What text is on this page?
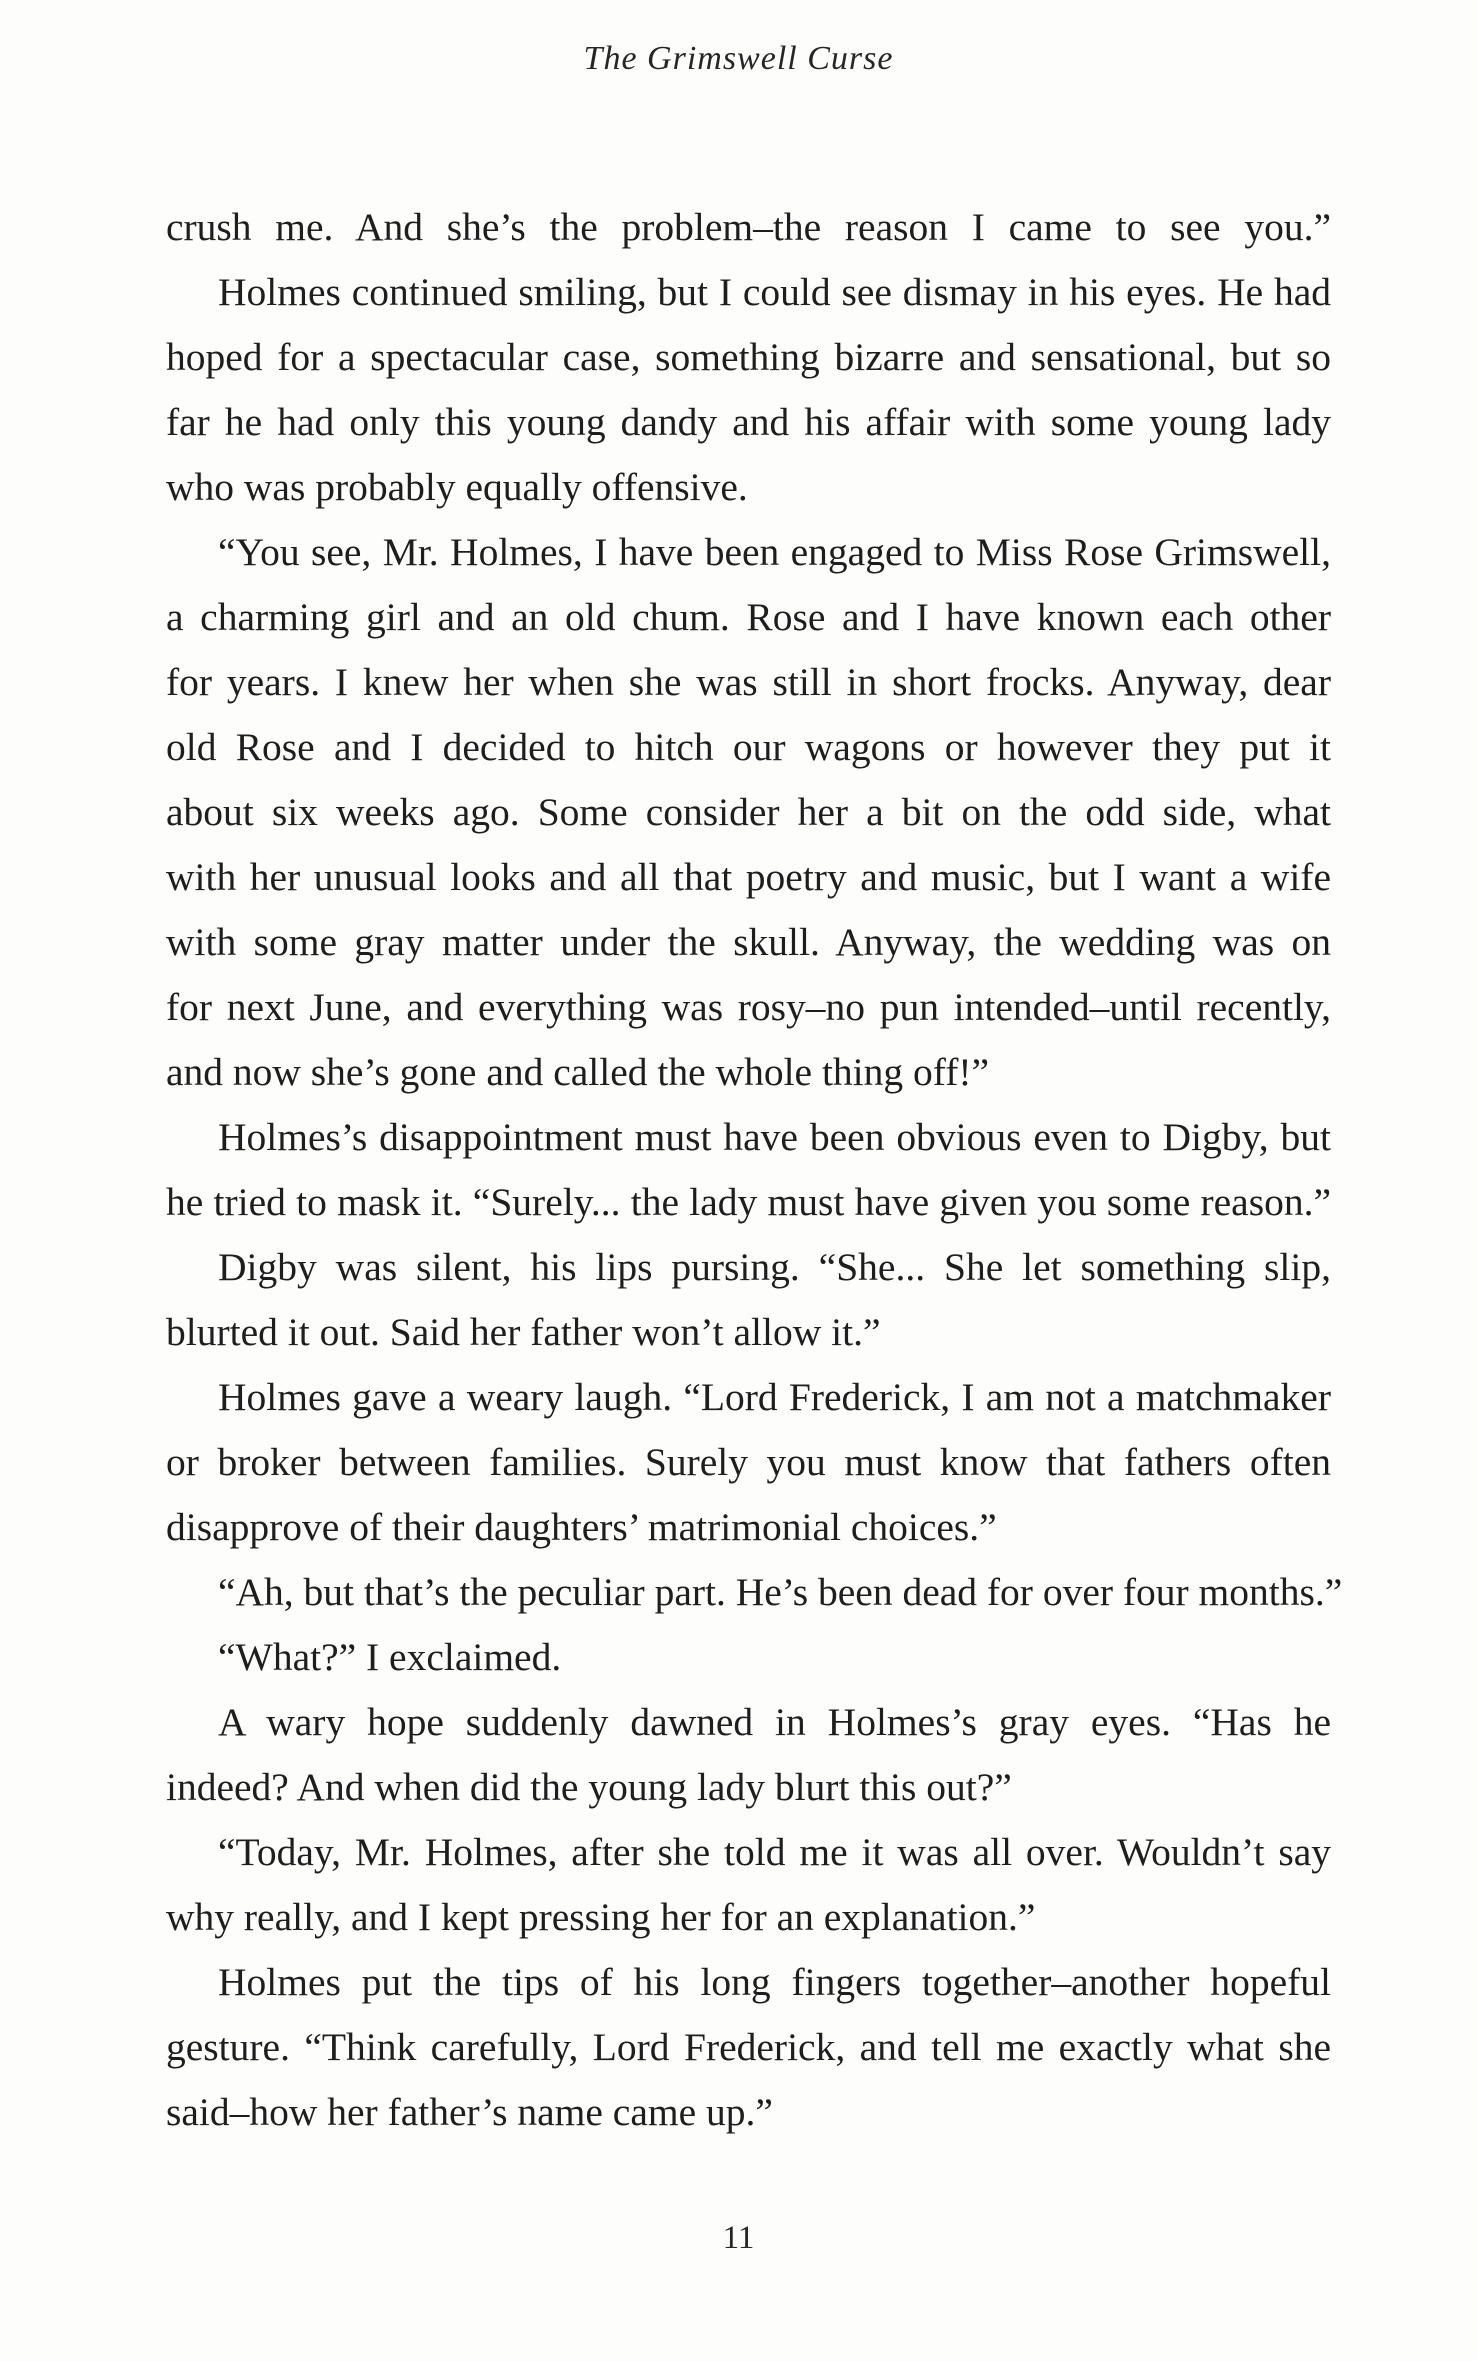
The Grimswell Curse
crush me. And she’s the problem–the reason I came to see you.”
Holmes continued smiling, but I could see dismay in his eyes. He had
hoped for a spectacular case, something bizarre and sensational, but so
far he had only this young dandy and his affair with some young lady
who was probably equally offensive.
“You see, Mr. Holmes, I have been engaged to Miss Rose Grimswell,
a charming girl and an old chum. Rose and I have known each other
for years. I knew her when she was still in short frocks. Anyway, dear
old Rose and I decided to hitch our wagons or however they put it
about six weeks ago. Some consider her a bit on the odd side, what
with her unusual looks and all that poetry and music, but I want a wife
with some gray matter under the skull. Anyway, the wedding was on
for next June, and everything was rosy–no pun intended–until recently,
and now she’s gone and called the whole thing off!”
Holmes’s disappointment must have been obvious even to Digby, but
he tried to mask it. “Surely... the lady must have given you some reason.”
Digby was silent, his lips pursing. “She... She let something slip,
blurted it out. Said her father won’t allow it.”
Holmes gave a weary laugh. “Lord Frederick, I am not a matchmaker
or broker between families. Surely you must know that fathers often
disapprove of their daughters’ matrimonial choices.”
“Ah, but that’s the peculiar part. He’s been dead for over four months.”
“What?” I exclaimed.
A wary hope suddenly dawned in Holmes’s gray eyes. “Has he
indeed? And when did the young lady blurt this out?”
“Today, Mr. Holmes, after she told me it was all over. Wouldn’t say
why really, and I kept pressing her for an explanation.”
Holmes put the tips of his long fingers together–another hopeful
gesture. “Think carefully, Lord Frederick, and tell me exactly what she
said–how her father’s name came up.”
11
